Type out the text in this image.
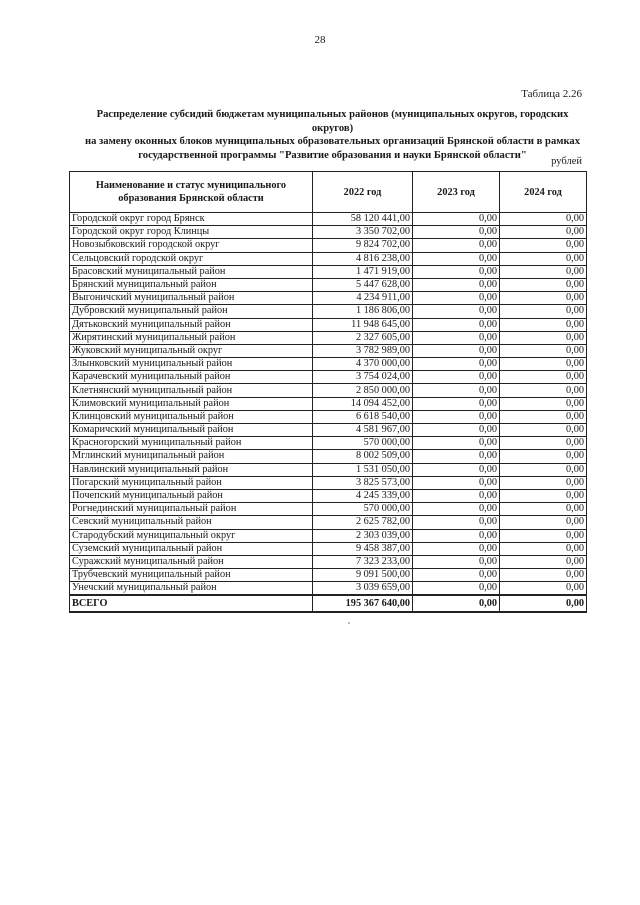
28
Таблица 2.26
Распределение субсидий бюджетам муниципальных районов (муниципальных округов, городских округов)
на замену оконных блоков муниципальных образовательных организаций Брянской области в рамках
государственной программы "Развитие образования и науки Брянской области"
рублей
Наименование и статус муниципального образования Брянской области	2022 год	2023 год	2024 год
Городской округ город Брянск	58 120 441,00	0,00	0,00
Городской округ город Клинцы	3 350 702,00	0,00	0,00
Новозыбковский городской округ	9 824 702,00	0,00	0,00
Сельцовский городской округ	4 816 238,00	0,00	0,00
Брасовский муниципальный район	1 471 919,00	0,00	0,00
Брянский муниципальный район	5 447 628,00	0,00	0,00
Выгоничский муниципальный район	4 234 911,00	0,00	0,00
Дубровский муниципальный район	1 186 806,00	0,00	0,00
Дятьковский муниципальный район	11 948 645,00	0,00	0,00
Жирятинский муниципальный район	2 327 605,00	0,00	0,00
Жуковский муниципальный округ	3 782 989,00	0,00	0,00
Злынковский муниципальный район	4 370 000,00	0,00	0,00
Карачевский муниципальный район	3 754 024,00	0,00	0,00
Клетнянский муниципальный район	2 850 000,00	0,00	0,00
Климовский муниципальный район	14 094 452,00	0,00	0,00
Клинцовский муниципальный район	6 618 540,00	0,00	0,00
Комаричский муниципальный район	4 581 967,00	0,00	0,00
Красногорский муниципальный район	570 000,00	0,00	0,00
Мглинский муниципальный район	8 002 509,00	0,00	0,00
Навлинский муниципальный район	1 531 050,00	0,00	0,00
Погарский муниципальный район	3 825 573,00	0,00	0,00
Почепский муниципальный район	4 245 339,00	0,00	0,00
Рогнединский муниципальный район	570 000,00	0,00	0,00
Севский муниципальный район	2 625 782,00	0,00	0,00
Стародубский муниципальный округ	2 303 039,00	0,00	0,00
Суземский муниципальный район	9 458 387,00	0,00	0,00
Суражский муниципальный район	7 323 233,00	0,00	0,00
Трубчевский муниципальный район	9 091 500,00	0,00	0,00
Унечский муниципальный район	3 039 659,00	0,00	0,00
ВСЕГО	195 367 640,00	0,00	0,00
